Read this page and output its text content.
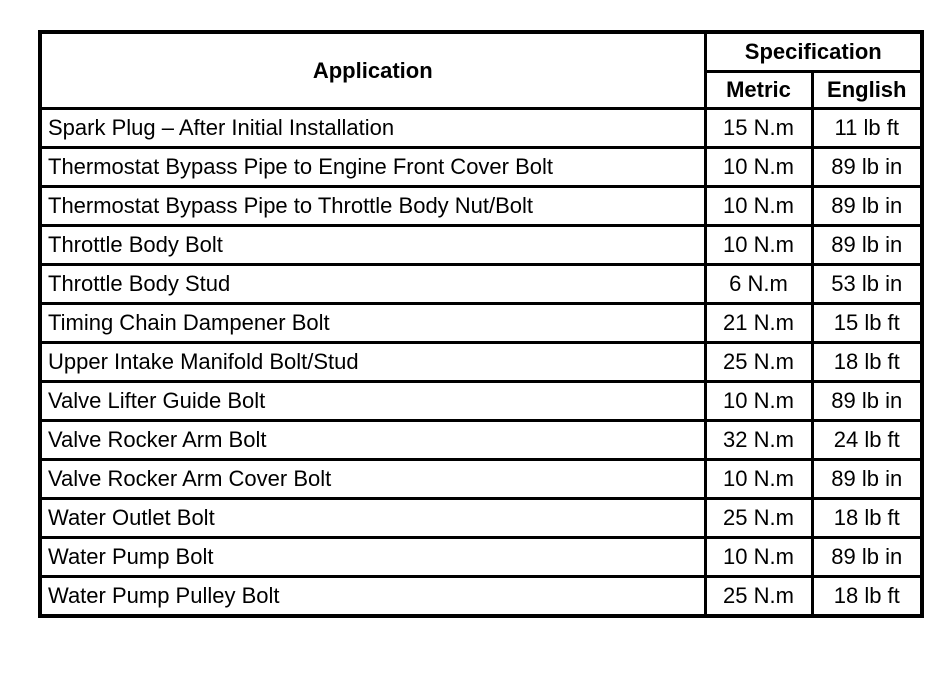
Application	Specification	
	Metric	English
Spark Plug – After Initial Installation	15 N.m	11 lb ft
Thermostat Bypass Pipe to Engine Front Cover Bolt	10 N.m	89 lb in
Thermostat Bypass Pipe to Throttle Body Nut/Bolt	10 N.m	89 lb in
Throttle Body Bolt	10 N.m	89 lb in
Throttle Body Stud	6 N.m	53 lb in
Timing Chain Dampener Bolt	21 N.m	15 lb ft
Upper Intake Manifold Bolt/Stud	25 N.m	18 lb ft
Valve Lifter Guide Bolt	10 N.m	89 lb in
Valve Rocker Arm Bolt	32 N.m	24 lb ft
Valve Rocker Arm Cover Bolt	10 N.m	89 lb in
Water Outlet Bolt	25 N.m	18 lb ft
Water Pump Bolt	10 N.m	89 lb in
Water Pump Pulley Bolt	25 N.m	18 lb ft
